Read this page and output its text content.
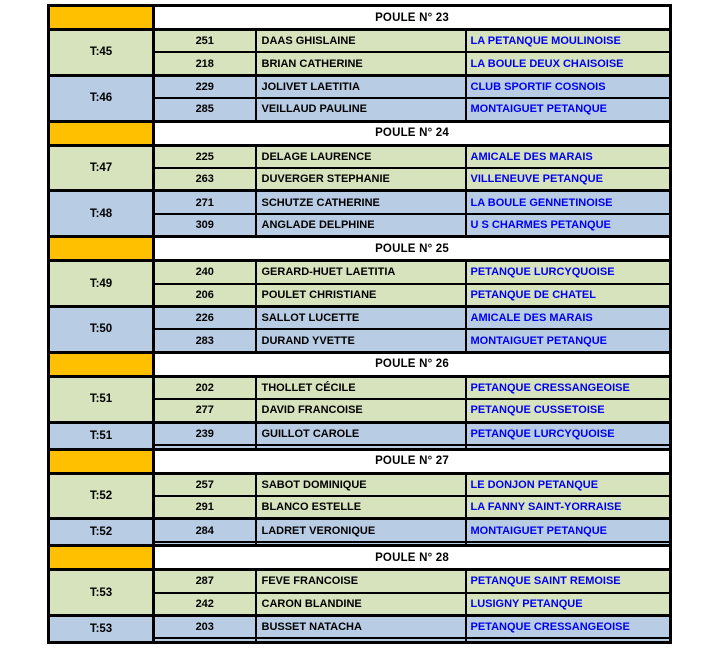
	POULE N° 23		
T:45	251	DAAS GHISLAINE	LA PETANQUE MOULINOISE
	218	BRIAN CATHERINE	LA BOULE DEUX CHAISOISE
T:46	229	JOLIVET LAETITIA	CLUB SPORTIF COSNOIS
	285	VEILLAUD PAULINE	MONTAIGUET PETANQUE
	POULE N° 24		
T:47	225	DELAGE LAURENCE	AMICALE DES MARAIS
	263	DUVERGER STEPHANIE	VILLENEUVE PETANQUE
T:48	271	SCHUTZE CATHERINE	LA BOULE GENNETINOISE
	309	ANGLADE DELPHINE	U S CHARMES PETANQUE
	POULE N° 25		
T:49	240	GERARD-HUET LAETITIA	PETANQUE LURCYQUOISE
	206	POULET CHRISTIANE	PETANQUE DE CHATEL
T:50	226	SALLOT LUCETTE	AMICALE DES MARAIS
	283	DURAND YVETTE	MONTAIGUET PETANQUE
	POULE N° 26		
T:51	202	THOLLET CÉCILE	PETANQUE CRESSANGEOISE
	277	DAVID FRANCOISE	PETANQUE CUSSETOISE
T:51	239	GUILLOT CAROLE	PETANQUE LURCYQUOISE

	POULE N° 27		
T:52	257	SABOT DOMINIQUE	LE DONJON PETANQUE
	291	BLANCO ESTELLE	LA FANNY SAINT-YORRAISE
T:52	284	LADRET VERONIQUE	MONTAIGUET PETANQUE

	POULE N° 28		
T:53	287	FEVE FRANCOISE	PETANQUE SAINT REMOISE
	242	CARON BLANDINE	LUSIGNY PETANQUE
T:53	203	BUSSET NATACHA	PETANQUE CRESSANGEOISE
